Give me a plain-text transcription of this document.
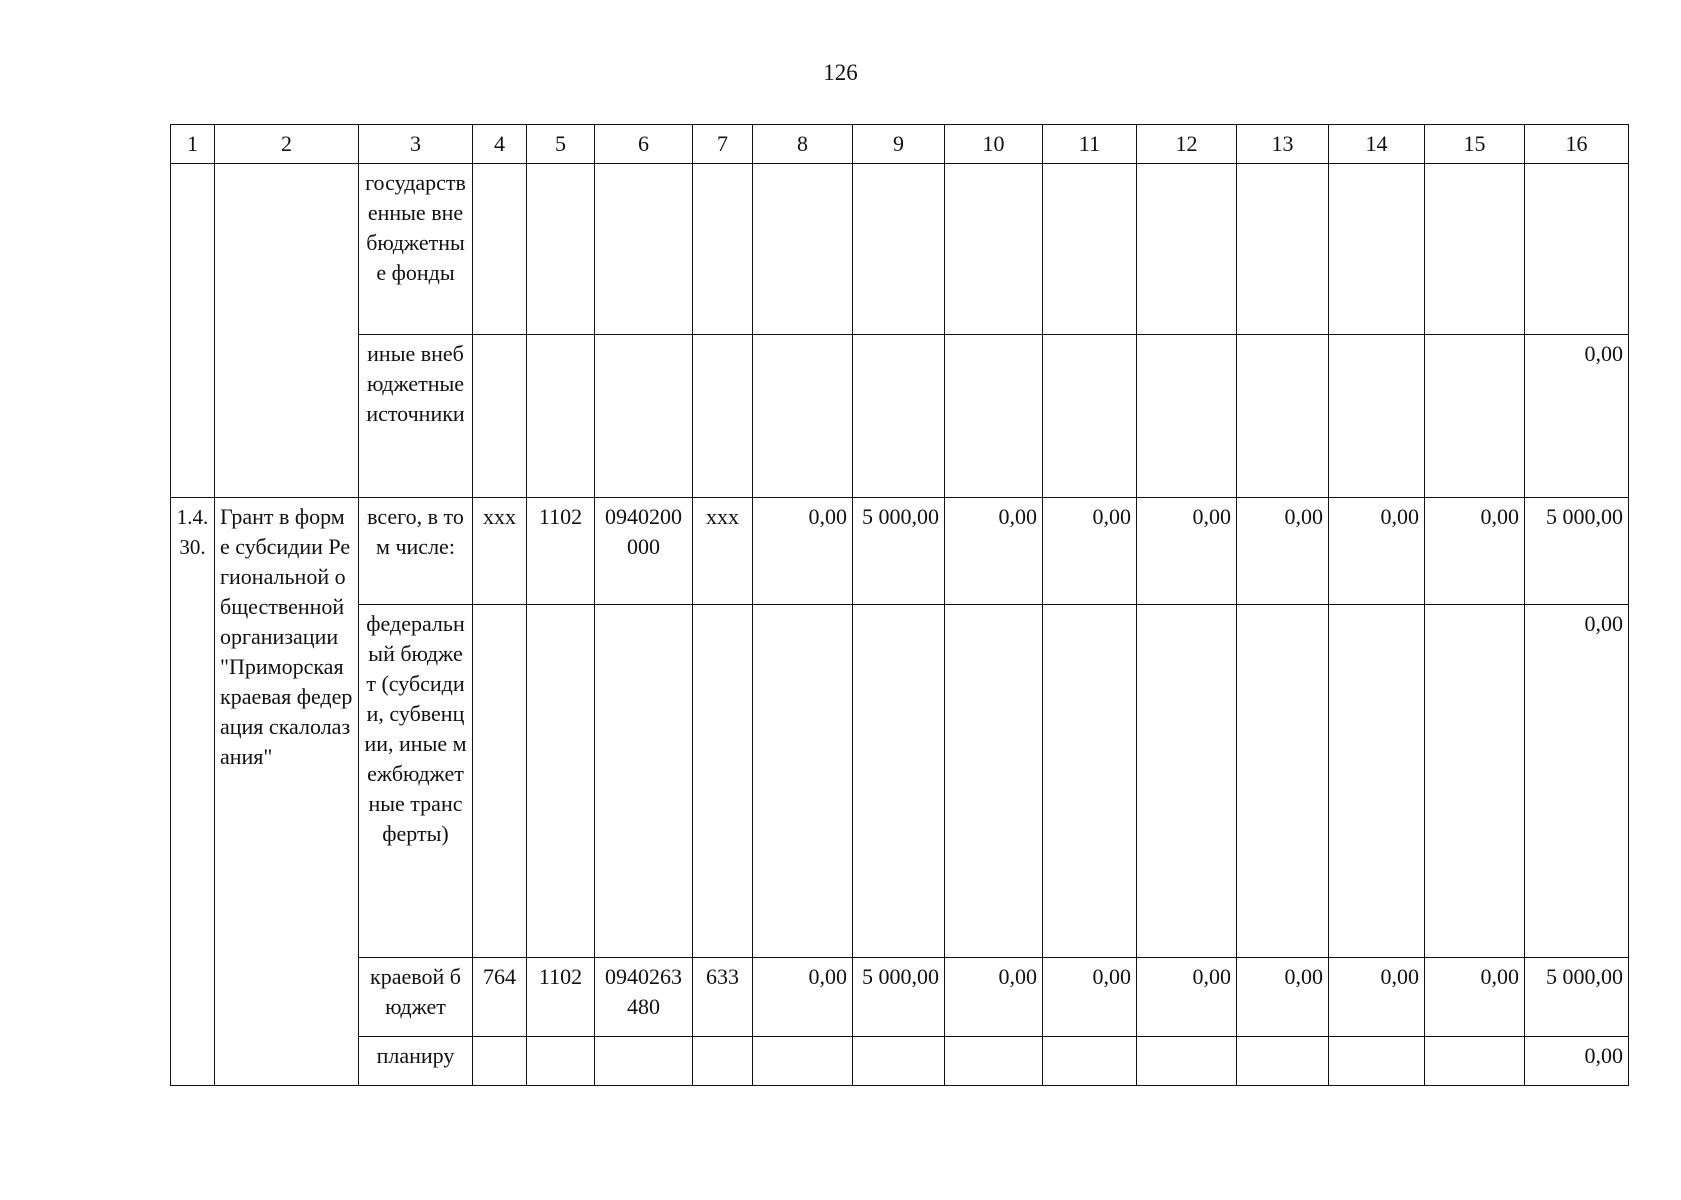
126
1	2	3	4	5	6	7	8	9	10	11	12	13	14	15	16
		государственные внебюджетные фонды													
		иные внебюджетные источники													0,00
1.4.30.	Грант в форме субсидии Региональной общественной организации "Приморская краевая федерация скалолазания"	всего, в том числе:	xxx	1102	0940200000	xxx	0,00	5 000,00	0,00	0,00	0,00	0,00	0,00	0,00	5 000,00
		федеральный бюджет (субсидии, субвенции, иные межбюджетные трансферты)													0,00
		краевой бюджет	764	1102	0940263480	633	0,00	5 000,00	0,00	0,00	0,00	0,00	0,00	0,00	5 000,00
		планиру													0,00
